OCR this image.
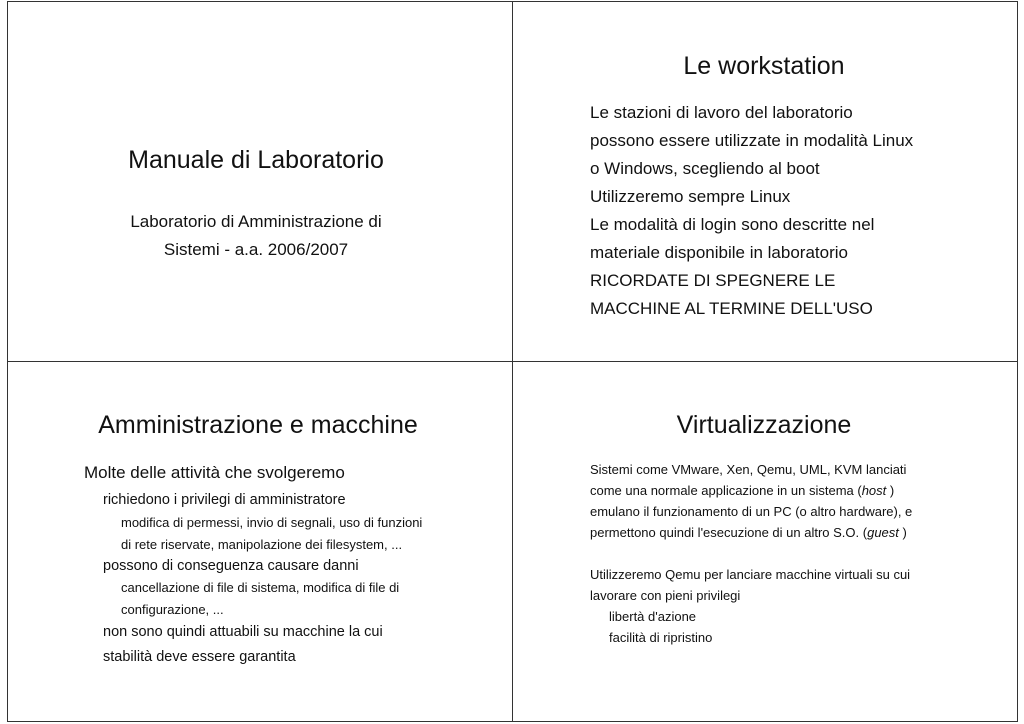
Manuale di Laboratorio
Laboratorio di Amministrazione di
Sistemi - a.a. 2006/2007
Le workstation
Le stazioni di lavoro del laboratorio
possono essere utilizzate in modalità Linux
o Windows, scegliendo al boot
Utilizzeremo sempre Linux
Le modalità di login sono descritte nel
materiale disponibile in laboratorio
RICORDATE DI SPEGNERE LE
MACCHINE AL TERMINE DELL'USO
Amministrazione e macchine
Molte delle attività che svolgeremo
richiedono i privilegi di amministratore
modifica di permessi, invio di segnali, uso di funzioni
di rete riservate, manipolazione dei filesystem, ...
possono di conseguenza causare danni
cancellazione di file di sistema, modifica di file di
configurazione, ...
non sono quindi attuabili su macchine la cui
stabilità deve essere garantita
Virtualizzazione
Sistemi come VMware, Xen, Qemu, UML, KVM lanciati
come una normale applicazione in un sistema (host )
emulano il funzionamento di un PC (o altro hardware), e
permettono quindi l'esecuzione di un altro S.O. (guest )
Utilizzeremo Qemu per lanciare macchine virtuali su cui
lavorare con pieni privilegi
libertà d'azione
facilità di ripristino
